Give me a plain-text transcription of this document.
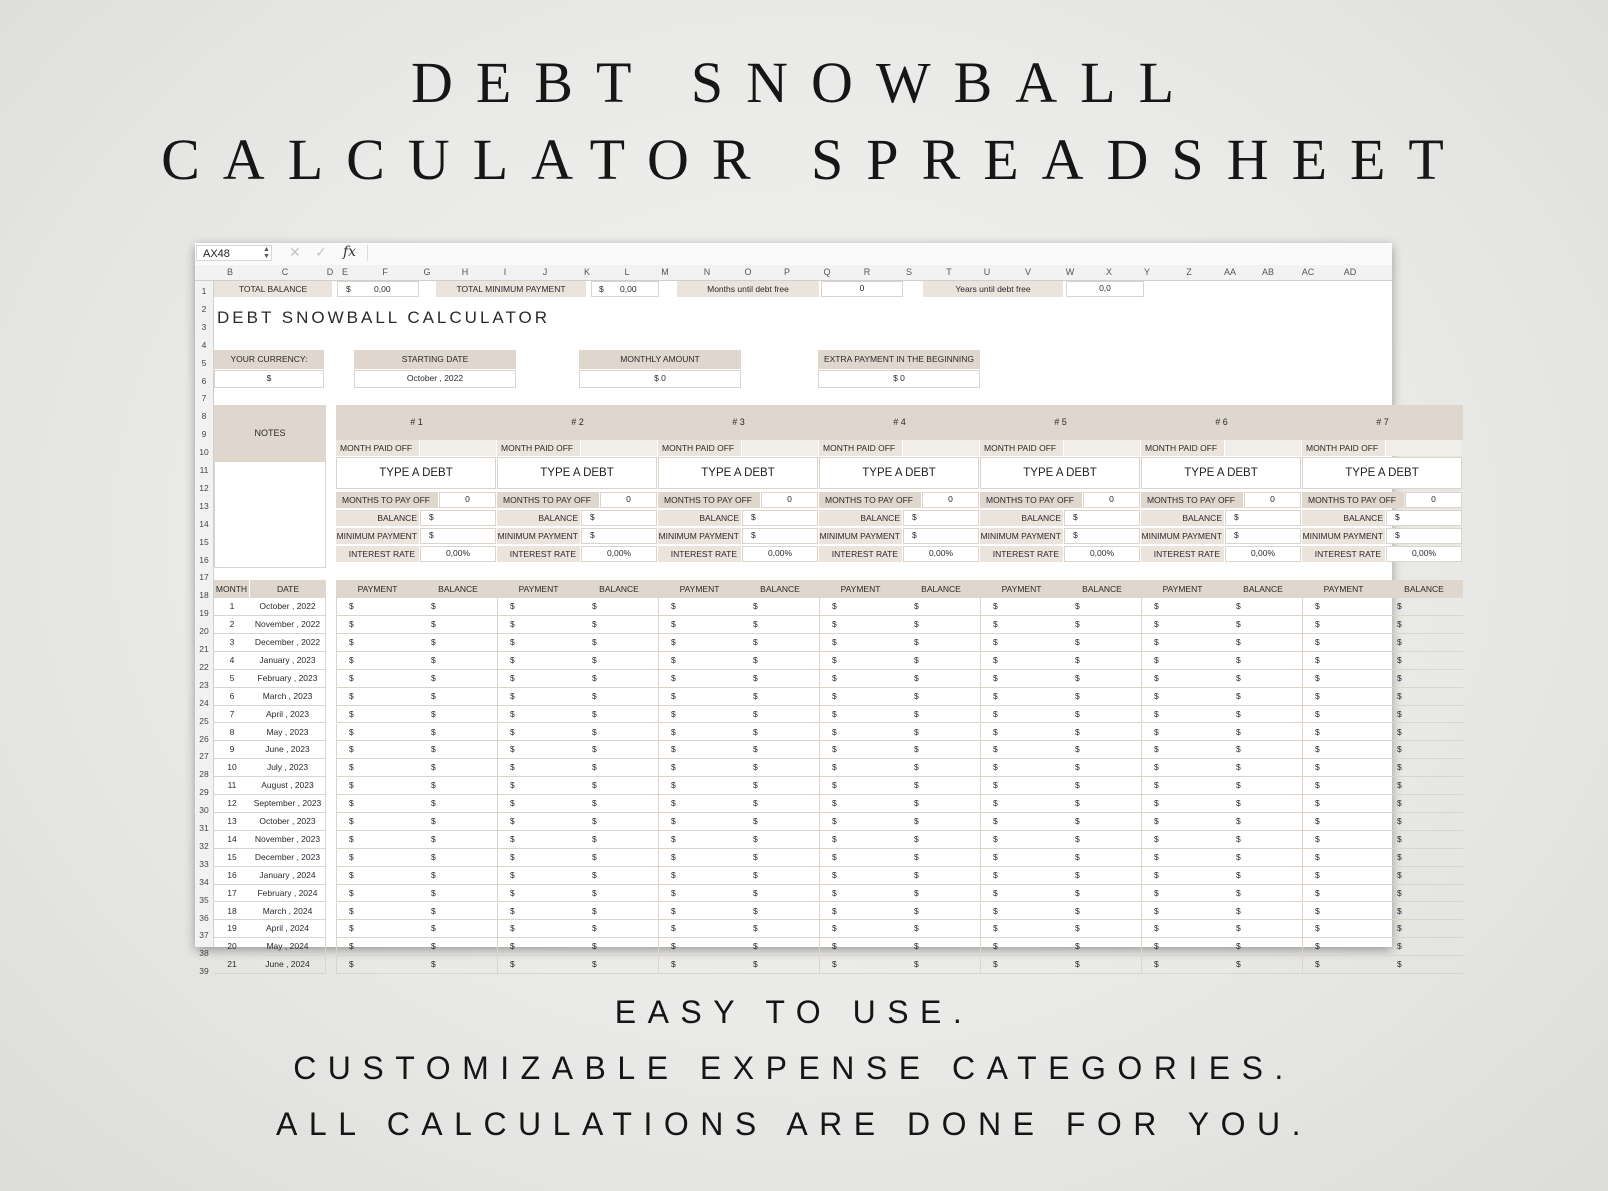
DEBT SNOWBALL
CALCULATOR SPREADSHEET
AX48	▲
▼ ✕ ✓ fx
B	C	D E	F	G	H	I	J	K	L	M	N	O	P	Q	R	S	T	U	V	W	X	Y	Z	AA	AB	AC	AD
1
2
3
4
5
6
7
8
9
10
11
12
13
14
15
16
17
18
19
20
21
22
23
24
25
26
27
28
29
30
31
32
33
34
35
36
37
38
39
TOTAL BALANCE	$	0,00	TOTAL MINIMUM PAYMENT	$	0,00	Months until debt free	0	Years until debt free	0,0
DEBT SNOWBALL CALCULATOR
YOUR CURRENCY:
$
STARTING DATE
October , 2022
MONTHLY AMOUNT
$ 0
EXTRA PAYMENT IN THE BEGINNING
$ 0
NOTES
# 1
MONTH PAID OFF
TYPE A DEBT
MONTHS TO PAY OFF	0
BALANCE	$
MINIMUM PAYMENT	$
INTEREST RATE	0,00%
# 2
MONTH PAID OFF
TYPE A DEBT
MONTHS TO PAY OFF	0
BALANCE	$
MINIMUM PAYMENT	$
INTEREST RATE	0,00%
# 3
MONTH PAID OFF
TYPE A DEBT
MONTHS TO PAY OFF	0
BALANCE	$
MINIMUM PAYMENT	$
INTEREST RATE	0,00%
# 4
MONTH PAID OFF
TYPE A DEBT
MONTHS TO PAY OFF	0
BALANCE	$
MINIMUM PAYMENT	$
INTEREST RATE	0,00%
# 5
MONTH PAID OFF
TYPE A DEBT
MONTHS TO PAY OFF	0
BALANCE	$
MINIMUM PAYMENT	$
INTEREST RATE	0,00%
# 6
MONTH PAID OFF
TYPE A DEBT
MONTHS TO PAY OFF	0
BALANCE	$
MINIMUM PAYMENT	$
INTEREST RATE	0,00%
# 7
MONTH PAID OFF
TYPE A DEBT
MONTHS TO PAY OFF	0
BALANCE	$
MINIMUM PAYMENT	$
INTEREST RATE	0,00%
MONTH	DATE	PAYMENT	BALANCE	PAYMENT	BALANCE	PAYMENT	BALANCE	PAYMENT	BALANCE	PAYMENT	BALANCE	PAYMENT	BALANCE	PAYMENT	BALANCE
1	October , 2022	$	$	$	$	$	$	$	$	$	$	$	$	$	$
2	November , 2022	$	$	$	$	$	$	$	$	$	$	$	$	$	$
3	December , 2022	$	$	$	$	$	$	$	$	$	$	$	$	$	$
4	January , 2023	$	$	$	$	$	$	$	$	$	$	$	$	$	$
5	February , 2023	$	$	$	$	$	$	$	$	$	$	$	$	$	$
6	March , 2023	$	$	$	$	$	$	$	$	$	$	$	$	$	$
7	April , 2023	$	$	$	$	$	$	$	$	$	$	$	$	$	$
8	May , 2023	$	$	$	$	$	$	$	$	$	$	$	$	$	$
9	June , 2023	$	$	$	$	$	$	$	$	$	$	$	$	$	$
10	July , 2023	$	$	$	$	$	$	$	$	$	$	$	$	$	$
11	August , 2023	$	$	$	$	$	$	$	$	$	$	$	$	$	$
12	September , 2023	$	$	$	$	$	$	$	$	$	$	$	$	$	$
13	October , 2023	$	$	$	$	$	$	$	$	$	$	$	$	$	$
14	November , 2023	$	$	$	$	$	$	$	$	$	$	$	$	$	$
15	December , 2023	$	$	$	$	$	$	$	$	$	$	$	$	$	$
16	January , 2024	$	$	$	$	$	$	$	$	$	$	$	$	$	$
17	February , 2024	$	$	$	$	$	$	$	$	$	$	$	$	$	$
18	March , 2024	$	$	$	$	$	$	$	$	$	$	$	$	$	$
19	April , 2024	$	$	$	$	$	$	$	$	$	$	$	$	$	$
20	May , 2024	$	$	$	$	$	$	$	$	$	$	$	$	$	$
21	June , 2024	$	$	$	$	$	$	$	$	$	$	$	$	$	$
EASY TO USE.
CUSTOMIZABLE EXPENSE CATEGORIES.
ALL CALCULATIONS ARE DONE FOR YOU.
